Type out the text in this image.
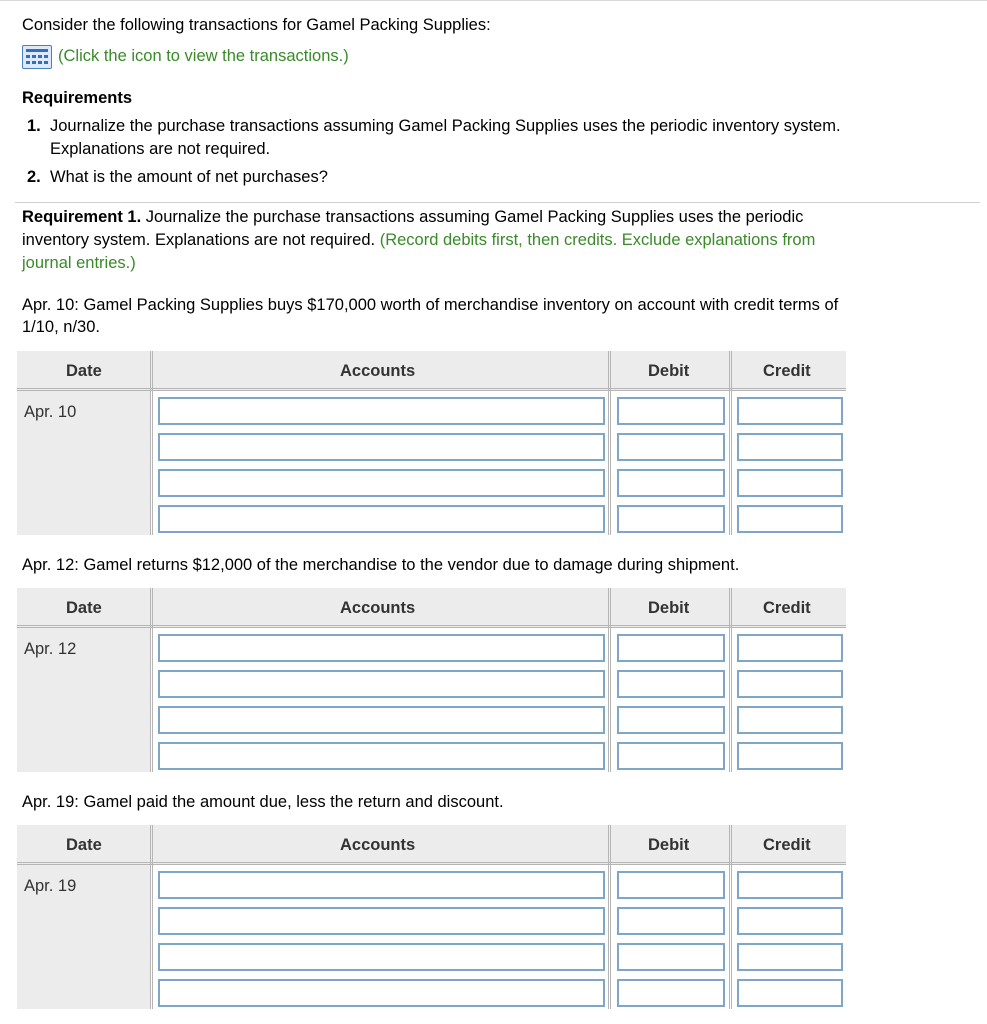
Consider the following transactions for Gamel Packing Supplies:
(Click the icon to view the transactions.)
Requirements
1. Journalize the purchase transactions assuming Gamel Packing Supplies uses the periodic inventory system.
Explanations are not required.
2. What is the amount of net purchases?
Requirement 1. Journalize the purchase transactions assuming Gamel Packing Supplies uses the periodic
inventory system. Explanations are not required. (Record debits first, then credits. Exclude explanations from
journal entries.)
Apr. 10: Gamel Packing Supplies buys $170,000 worth of merchandise inventory on account with credit terms of
1/10, n/30.
Date	Accounts	Debit	Credit
Apr. 10
Apr. 12: Gamel returns $12,000 of the merchandise to the vendor due to damage during shipment.
Date	Accounts	Debit	Credit
Apr. 12
Apr. 19: Gamel paid the amount due, less the return and discount.
Date	Accounts	Debit	Credit
Apr. 19
